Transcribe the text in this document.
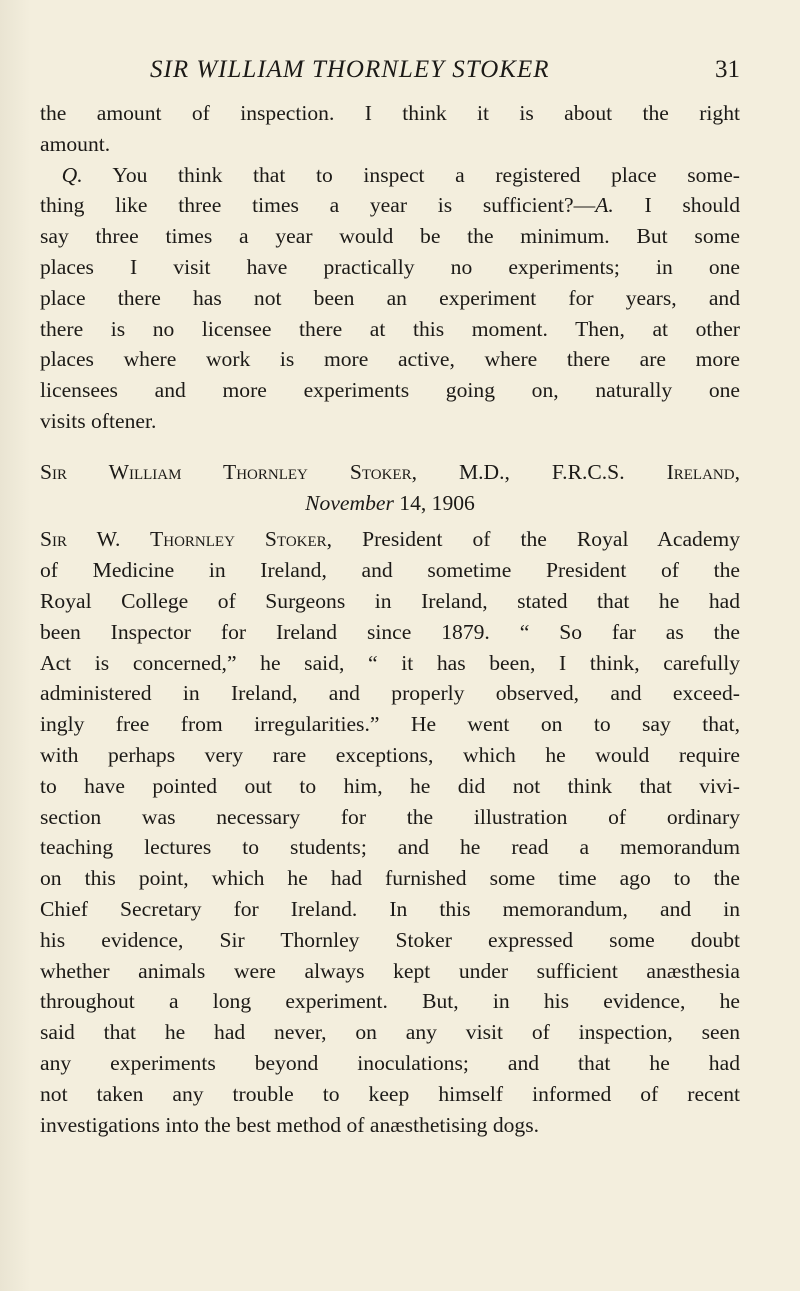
SIR WILLIAM THORNLEY STOKER	31
the amount of inspection. I think it is about the right
amount.
 Q. You think that to inspect a registered place some-
thing like three times a year is sufficient?—A. I should
say three times a year would be the minimum. But some
places I visit have practically no experiments; in one
place there has not been an experiment for years, and
there is no licensee there at this moment. Then, at other
places where work is more active, where there are more
licensees and more experiments going on, naturally one
visits oftener.
Sir William Thornley Stoker, M.D., F.R.C.S. Ireland,
November 14, 1906
Sir W. Thornley Stoker, President of the Royal Academy
of Medicine in Ireland, and sometime President of the
Royal College of Surgeons in Ireland, stated that he had
been Inspector for Ireland since 1879. “ So far as the
Act is concerned,” he said, “ it has been, I think, carefully
administered in Ireland, and properly observed, and exceed-
ingly free from irregularities.” He went on to say that,
with perhaps very rare exceptions, which he would require
to have pointed out to him, he did not think that vivi-
section was necessary for the illustration of ordinary
teaching lectures to students; and he read a memorandum
on this point, which he had furnished some time ago to the
Chief Secretary for Ireland. In this memorandum, and in
his evidence, Sir Thornley Stoker expressed some doubt
whether animals were always kept under sufficient anæsthesia
throughout a long experiment. But, in his evidence, he
said that he had never, on any visit of inspection, seen
any experiments beyond inoculations; and that he had
not taken any trouble to keep himself informed of recent
investigations into the best method of anæsthetising dogs.
